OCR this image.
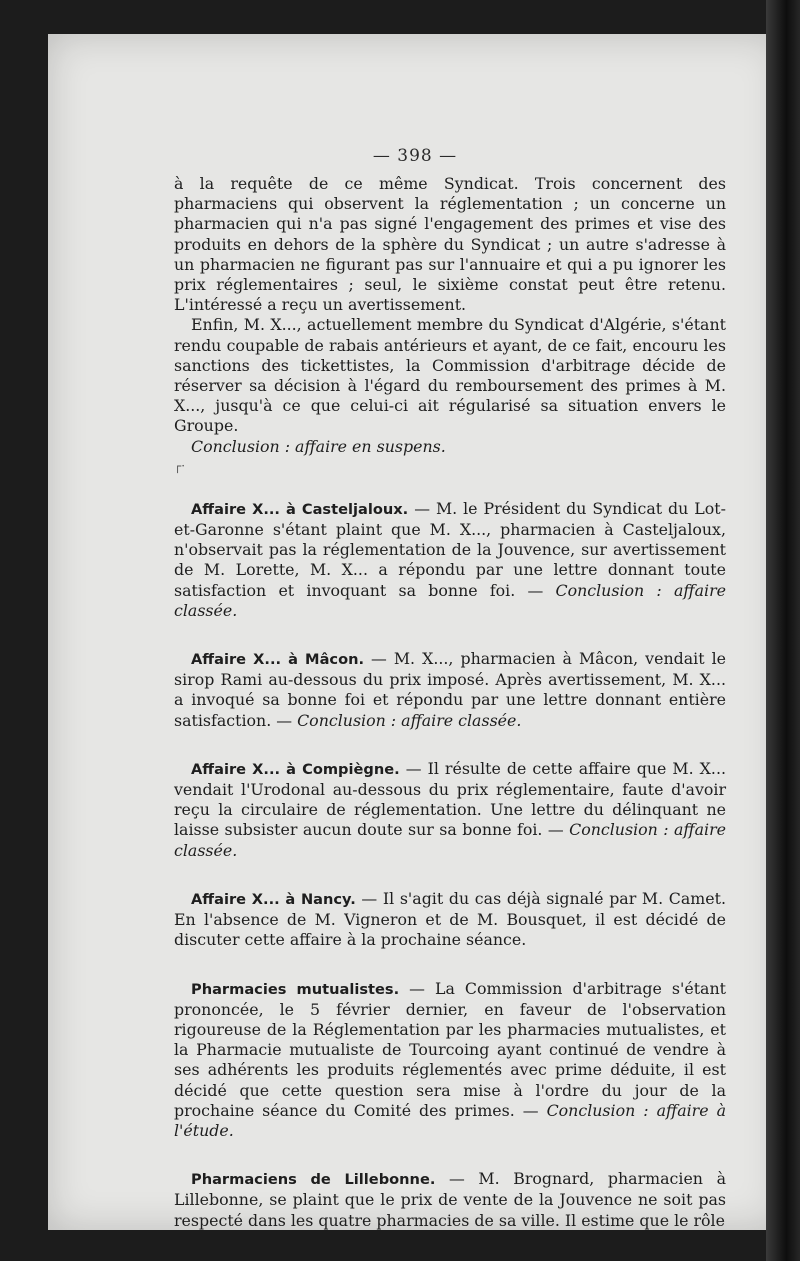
— 398 —

à la requête de ce même Syndicat. Trois concernent des pharmaciens qui observent la réglementation ; un concerne un pharmacien qui n'a pas signé l'engagement des primes et vise des produits en dehors de la sphère du Syndicat ; un autre s'adresse à un pharmacien ne figurant pas sur l'annuaire et qui a pu ignorer les prix réglementaires ; seul, le sixième constat peut être retenu. L'intéressé a reçu un avertissement.

Enfin, M. X..., actuellement membre du Syndicat d'Algérie, s'étant rendu coupable de rabais antérieurs et ayant, de ce fait, encouru les sanctions des tickettistes, la Commission d'arbitrage décide de réserver sa décision à l'égard du remboursement des primes à M. X..., jusqu'à ce que celui-ci ait régularisé sa situation envers le Groupe.

Conclusion : affaire en suspens.

┌·

Affaire X... à Casteljaloux. — M. le Président du Syndicat du Lot-et-Garonne s'étant plaint que M. X..., pharmacien à Casteljaloux, n'observait pas la réglementation de la Jouvence, sur avertissement de M. Lorette, M. X... a répondu par une lettre donnant toute satisfaction et invoquant sa bonne foi. — Conclusion : affaire classée.

Affaire X... à Mâcon. — M. X..., pharmacien à Mâcon, vendait le sirop Rami au-dessous du prix imposé. Après avertissement, M. X... a invoqué sa bonne foi et répondu par une lettre donnant entière satisfaction. — Conclusion : affaire classée.

Affaire X... à Compiègne. — Il résulte de cette affaire que M. X... vendait l'Urodonal au-dessous du prix réglementaire, faute d'avoir reçu la circulaire de réglementation. Une lettre du délinquant ne laisse subsister aucun doute sur sa bonne foi. — Conclusion : affaire classée.

Affaire X... à Nancy. — Il s'agit du cas déjà signalé par M. Camet. En l'absence de M. Vigneron et de M. Bousquet, il est décidé de discuter cette affaire à la prochaine séance.

Pharmacies mutualistes. — La Commission d'arbitrage s'étant prononcée, le 5 février dernier, en faveur de l'observation rigoureuse de la Réglementation par les pharmacies mutualistes, et la Pharmacie mutualiste de Tourcoing ayant continué de vendre à ses adhérents les produits réglementés avec prime déduite, il est décidé que cette question sera mise à l'ordre du jour de la prochaine séance du Comité des primes. — Conclusion : affaire à l'étude.

Pharmaciens de Lillebonne. — M. Brognard, pharmacien à Lillebonne, se plaint que le prix de vente de la Jouvence ne soit pas respecté dans les quatre pharmacies de sa ville. Il estime que le rôle
